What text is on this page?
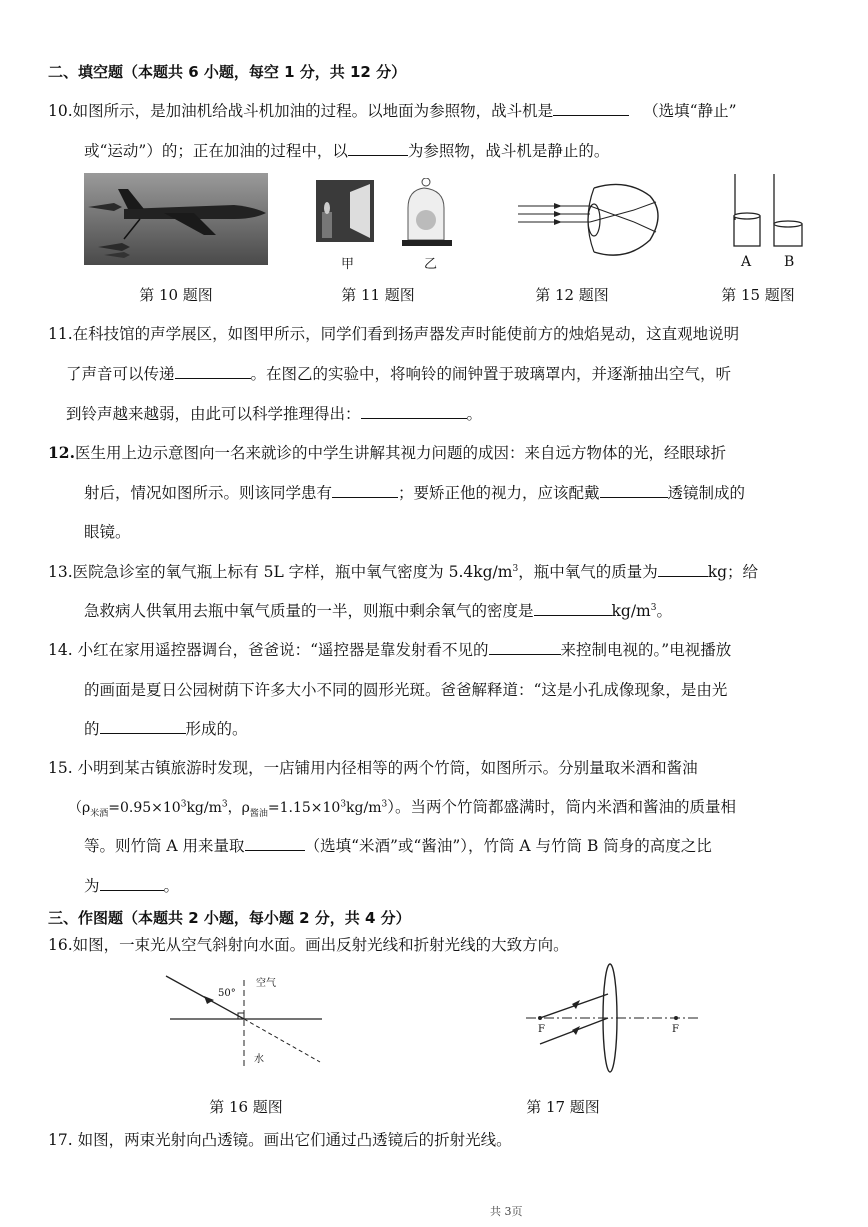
二、填空题（本题共 6 小题，每空 1 分，共 12 分）
10.如图所示，是加油机给战斗机加油的过程。以地面为参照物，战斗机是	（选填“静止”
或“运动”）的；正在加油的过程中，以	为参照物，战斗机是静止的。
第 10 题图
甲	乙
第 11 题图	第 12 题图
A B
第 15 题图
11.在科技馆的声学展区，如图甲所示，同学们看到扬声器发声时能使前方的烛焰晃动，这直观地说明
了声音可以传递	。在图乙的实验中，将响铃的闹钟置于玻璃罩内，并逐渐抽出空气，听
到铃声越来越弱，由此可以科学推理得出：	。
12.医生用上边示意图向一名来就诊的中学生讲解其视力问题的成因：来自远方物体的光，经眼球折
射后，情况如图所示。则该同学患有	；要矫正他的视力，应该配戴	透镜制成的
眼镜。
13.医院急诊室的氧气瓶上标有 5L 字样，瓶中氧气密度为 $5.4kg/m^3$，瓶中氧气的质量为	kg；给
急救病人供氧用去瓶中氧气质量的一半，则瓶中剩余氧气的密度是	$kg/m^3$。
14. 小红在家用遥控器调台，爸爸说：“遥控器是靠发射看不见的	来控制电视的。”电视播放
的画面是夏日公园树荫下许多大小不同的圆形光斑。爸爸解释道：“这是小孔成像现象，是由光
的	形成的。
15. 小明到某古镇旅游时发现，一店铺用内径相等的两个竹筒，如图所示。分别量取米酒和酱油
（$\rho_{米酒}=0.95\times 10^3kg/m^3$，$\rho_{酱油}=1.15\times 10^3kg/m^3$）。当两个竹筒都盛满时，筒内米酒和酱油的质量相
等。则竹筒 A 用来量取	（选填“米酒”或“酱油”），竹筒 A 与竹筒 B 筒身的高度之比
为	。
三、作图题（本题共 2 小题，每小题 2 分，共 4 分）
16.如图，一束光从空气斜射向水面。画出反射光线和折射光线的大致方向。
50°
空气
水
第 16 题图
F	F
第 17 题图
17. 如图，两束光射向凸透镜。画出它们通过凸透镜后的折射光线。
共 3页
